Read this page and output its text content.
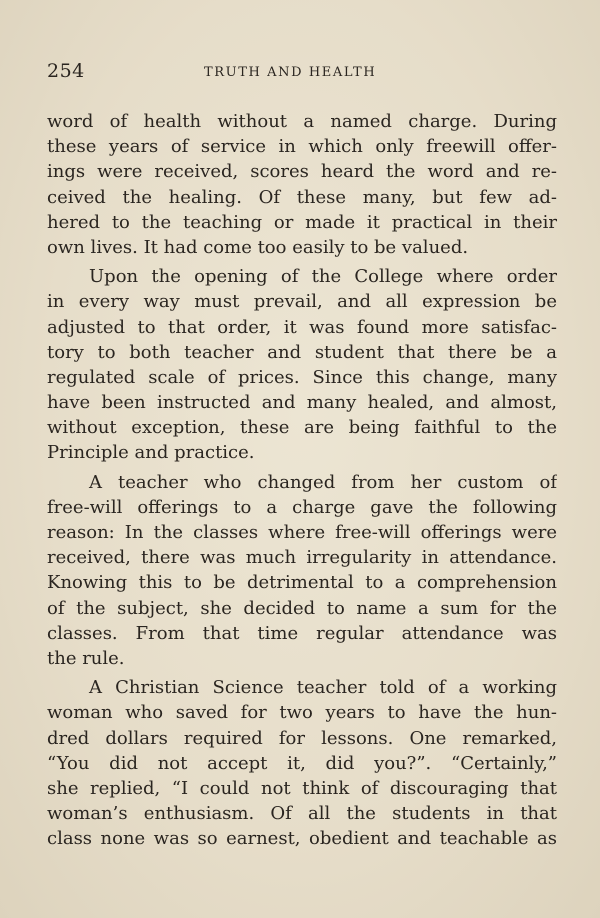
254	TRUTH AND HEALTH
word of health without a named charge. During
these years of service in which only freewill offer-
ings were received, scores heard the word and re-
ceived the healing. Of these many, but few ad-
hered to the teaching or made it practical in their
own lives. It had come too easily to be valued.
Upon the opening of the College where order
in every way must prevail, and all expression be
adjusted to that order, it was found more satisfac-
tory to both teacher and student that there be a
regulated scale of prices. Since this change, many
have been instructed and many healed, and almost,
without exception, these are being faithful to the
Principle and practice.
A teacher who changed from her custom of
free-will offerings to a charge gave the following
reason: In the classes where free-will offerings were
received, there was much irregularity in attendance.
Knowing this to be detrimental to a comprehension
of the subject, she decided to name a sum for the
classes. From that time regular attendance was
the rule.
A Christian Science teacher told of a working
woman who saved for two years to have the hun-
dred dollars required for lessons. One remarked,
“You did not accept it, did you?”. “Certainly,”
she replied, “I could not think of discouraging that
woman’s enthusiasm. Of all the students in that
class none was so earnest, obedient and teachable as
